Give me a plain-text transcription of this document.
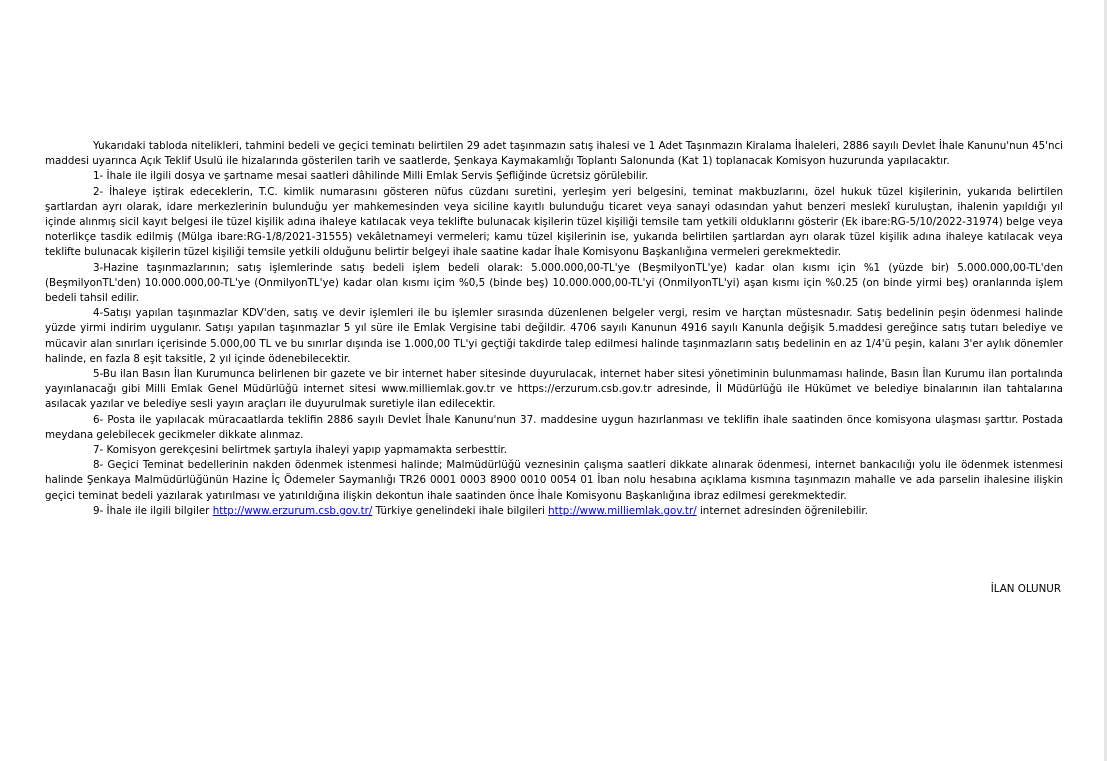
Yukarıdaki tabloda nitelikleri, tahmini bedeli ve geçici teminatı belirtilen 29 adet taşınmazın satış ihalesi ve 1 Adet Taşınmazın Kiralama İhaleleri, 2886 sayılı Devlet İhale Kanunu'nun 45'nci maddesi uyarınca Açık Teklif Usulü ile hizalarında gösterilen tarih ve saatlerde, Şenkaya Kaymakamlığı Toplantı Salonunda (Kat 1) toplanacak Komisyon huzurunda yapılacaktır.

1- İhale ile ilgili dosya ve şartname mesai saatleri dâhilinde Milli Emlak Servis Şefliğinde ücretsiz görülebilir.

2- İhaleye iştirak edeceklerin, T.C. kimlik numarasını gösteren nüfus cüzdanı suretini, yerleşim yeri belgesini, teminat makbuzlarını, özel hukuk tüzel kişilerinin, yukarıda belirtilen şartlardan ayrı olarak, idare merkezlerinin bulunduğu yer mahkemesinden veya siciline kayıtlı bulunduğu ticaret veya sanayi odasından yahut benzeri meslekî kuruluştan, ihalenin yapıldığı yıl içinde alınmış sicil kayıt belgesi ile tüzel kişilik adına ihaleye katılacak veya teklifte bulunacak kişilerin tüzel kişiliği temsile tam yetkili olduklarını gösterir (Ek ibare:RG-5/10/2022-31974) belge veya noterlikçe tasdik edilmiş (Mülga ibare:RG-1/8/2021-31555) vekâletnameyi vermeleri; kamu tüzel kişilerinin ise, yukarıda belirtilen şartlardan ayrı olarak tüzel kişilik adına ihaleye katılacak veya teklifte bulunacak kişilerin tüzel kişiliği temsile yetkili olduğunu belirtir belgeyi ihale saatine kadar İhale Komisyonu Başkanlığına vermeleri gerekmektedir.

3-Hazine taşınmazlarının; satış işlemlerinde satış bedeli işlem bedeli olarak: 5.000.000,00-TL'ye (BeşmilyonTL'ye) kadar olan kısmı için %1 (yüzde bir) 5.000.000,00-TL'den (BeşmilyonTL'den) 10.000.000,00-TL'ye (OnmilyonTL'ye) kadar olan kısmı içim %0,5 (binde beş) 10.000.000,00-TL'yi (OnmilyonTL'yi) aşan kısmı için %0.25 (on binde yirmi beş) oranlarında işlem bedeli tahsil edilir.

4-Satışı yapılan taşınmazlar KDV'den, satış ve devir işlemleri ile bu işlemler sırasında düzenlenen belgeler vergi, resim ve harçtan müstesnadır. Satış bedelinin peşin ödenmesi halinde yüzde yirmi indirim uygulanır. Satışı yapılan taşınmazlar 5 yıl süre ile Emlak Vergisine tabi değildir. 4706 sayılı Kanunun 4916 sayılı Kanunla değişik 5.maddesi gereğince satış tutarı belediye ve mücavir alan sınırları içerisinde 5.000,00 TL ve bu sınırlar dışında ise 1.000,00 TL'yi geçtiği takdirde talep edilmesi halinde taşınmazların satış bedelinin en az 1/4'ü peşin, kalanı 3'er aylık dönemler halinde, en fazla 8 eşit taksitle, 2 yıl içinde ödenebilecektir.

5-Bu ilan Basın İlan Kurumunca belirlenen bir gazete ve bir internet haber sitesinde duyurulacak, internet haber sitesi yönetiminin bulunmaması halinde, Basın İlan Kurumu ilan portalında yayınlanacağı gibi Milli Emlak Genel Müdürlüğü internet sitesi www.milliemlak.gov.tr ve https://erzurum.csb.gov.tr adresinde, İl Müdürlüğü ile Hükümet ve belediye binalarının ilan tahtalarına asılacak yazılar ve belediye sesli yayın araçları ile duyurulmak suretiyle ilan edilecektir.

6- Posta ile yapılacak müracaatlarda teklifin 2886 sayılı Devlet İhale Kanunu'nun 37. maddesine uygun hazırlanması ve teklifin ihale saatinden önce komisyona ulaşması şarttır. Postada meydana gelebilecek gecikmeler dikkate alınmaz.

7- Komisyon gerekçesini belirtmek şartıyla ihaleyi yapıp yapmamakta serbesttir.

8- Geçici Teminat bedellerinin nakden ödenmek istenmesi halinde; Malmüdürlüğü veznesinin çalışma saatleri dikkate alınarak ödenmesi, internet bankacılığı yolu ile ödenmek istenmesi halinde Şenkaya Malmüdürlüğünün Hazine İç Ödemeler Saymanlığı TR26 0001 0003 8900 0010 0054 01 İban nolu hesabına açıklama kısmına taşınmazın mahalle ve ada parselin ihalesine ilişkin geçici teminat bedeli yazılarak yatırılması ve yatırıldığına ilişkin dekontun ihale saatinden önce İhale Komisyonu Başkanlığına ibraz edilmesi gerekmektedir.

9- İhale ile ilgili bilgiler http://www.erzurum.csb.gov.tr/ Türkiye genelindeki ihale bilgileri http://www.milliemlak.gov.tr/ internet adresinden öğrenilebilir.

İLAN OLUNUR
